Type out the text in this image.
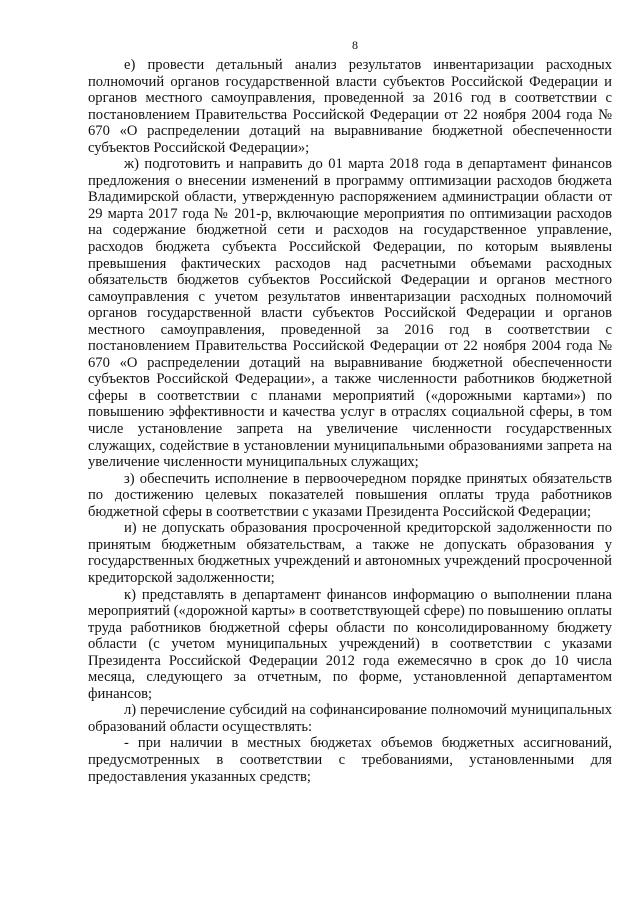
8

е) провести детальный анализ результатов инвентаризации расходных полномочий органов государственной власти субъектов Российской Федерации и органов местного самоуправления, проведенной за 2016 год в соответствии с постановлением Правительства Российской Федерации от 22 ноября 2004 года № 670 «О распределении дотаций на выравнивание бюджетной обеспеченности субъектов Российской Федерации»;

ж) подготовить и направить до 01 марта 2018 года в департамент финансов предложения о внесении изменений в программу оптимизации расходов бюджета Владимирской области, утвержденную распоряжением администрации области от 29 марта 2017 года № 201-р, включающие мероприятия по оптимизации расходов на содержание бюджетной сети и расходов на государственное управление, расходов бюджета субъекта Российской Федерации, по которым выявлены превышения фактических расходов над расчетными объемами расходных обязательств бюджетов субъектов Российской Федерации и органов местного самоуправления с учетом результатов инвентаризации расходных полномочий органов государственной власти субъектов Российской Федерации и органов местного самоуправления, проведенной за 2016 год в соответствии с постановлением Правительства Российской Федерации от 22 ноября 2004 года № 670 «О распределении дотаций на выравнивание бюджетной обеспеченности субъектов Российской Федерации», а также численности работников бюджетной сферы в соответствии с планами мероприятий («дорожными картами») по повышению эффективности и качества услуг в отраслях социальной сферы, в том числе установление запрета на увеличение численности государственных служащих, содействие в установлении муниципальными образованиями запрета на увеличение численности муниципальных служащих;

з) обеспечить исполнение в первоочередном порядке принятых обязательств по достижению целевых показателей повышения оплаты труда работников бюджетной сферы в соответствии с указами Президента Российской Федерации;

и) не допускать образования просроченной кредиторской задолженности по принятым бюджетным обязательствам, а также не допускать образования у государственных бюджетных учреждений и автономных учреждений просроченной кредиторской задолженности;

к) представлять в департамент финансов информацию о выполнении плана мероприятий («дорожной карты» в соответствующей сфере) по повышению оплаты труда работников бюджетной сферы области по консолидированному бюджету области (с учетом муниципальных учреждений) в соответствии с указами Президента Российской Федерации 2012 года ежемесячно в срок до 10 числа месяца, следующего за отчетным, по форме, установленной департаментом финансов;

л) перечисление субсидий на софинансирование полномочий муниципальных образований области осуществлять:

- при наличии в местных бюджетах объемов бюджетных ассигнований, предусмотренных в соответствии с требованиями, установленными для предоставления указанных средств;
